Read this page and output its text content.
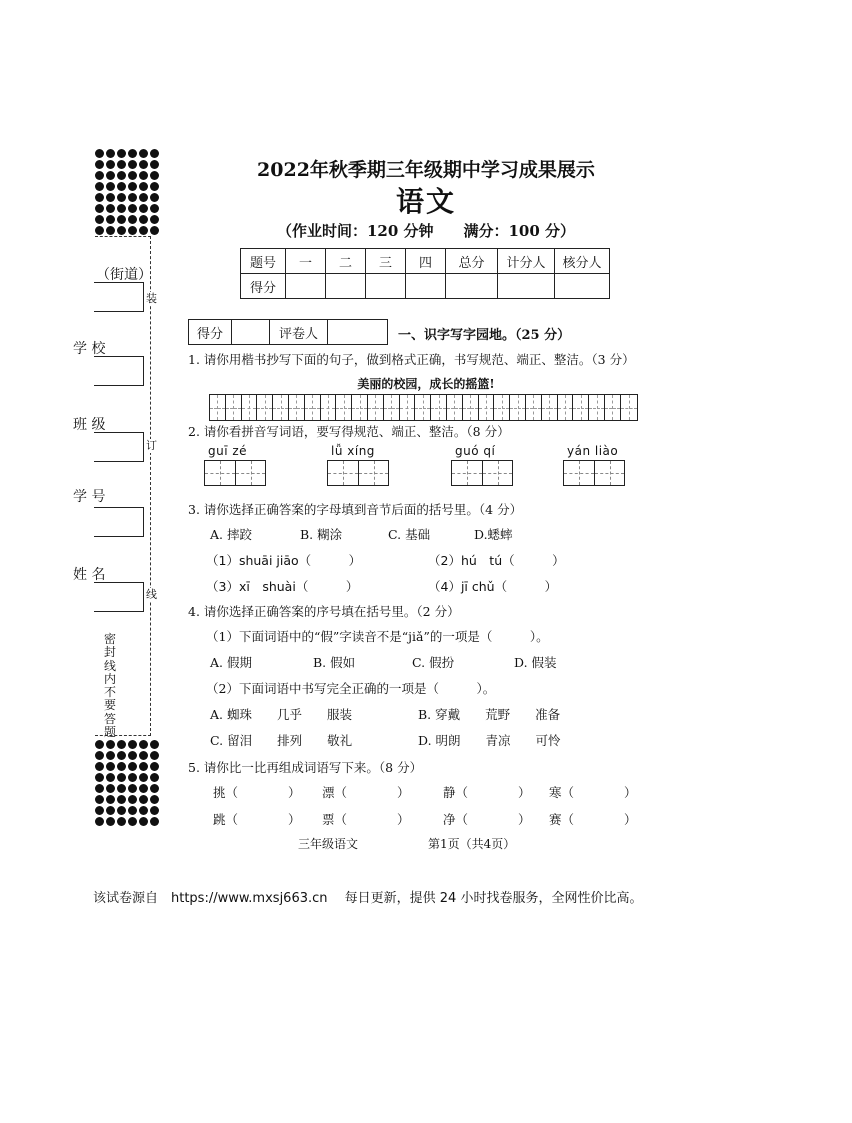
（街道）
装
学 校
班 级
订
学 号
姓 名
线
密
封
线
内
不
要
答
题
2022年秋季期三年级期中学习成果展示
语文
（作业时间：120 分钟　　满分：100 分）
题号	一	二	三	四	总分	计分人	核分人
得分							
得分	评卷人	一、识字写字园地。（25 分）
1. 请你用楷书抄写下面的句子，做到格式正确，书写规范、端正、整洁。（3 分）
美丽的校园，成长的摇篮!
2. 请你看拼音写词语，要写得规范、端正、整洁。（8 分）
guī zé	lǚ xíng	guó qí	yán liào
3. 请你选择正确答案的字母填到音节后面的括号里。（4 分）
A. 摔跤	B. 糊涂	C. 基础	D.蟋蟀
（1）shuāi jiāo（　　　）	（2）hú　tú（　　　）
（3）xī　shuài（　　　）	（4）jī chǔ（　　　）
4. 请你选择正确答案的序号填在括号里。（2 分）
（1）下面词语中的“假”字读音不是“jiǎ”的一项是（　　　）。
A. 假期	B. 假如	C. 假扮	D. 假装
（2）下面词语中书写完全正确的一项是（　　　）。
A. 蜘珠　　几乎　　服装	B. 穿戴　　荒野　　准备
C. 留泪　　排列　　敬礼	D. 明朗　　青凉　　可怜
5. 请你比一比再组成词语写下来。（8 分）
挑（　　　　） 漂（　　　　）	静（　　　　） 寒（　　　　）
跳（　　　　） 票（　　　　）	净（　　　　） 赛（　　　　）
三年级语文	第1页（共4页）
该试卷源自　https://www.mxsj663.cn　 每日更新，提供 24 小时找卷服务，全网性价比高。
